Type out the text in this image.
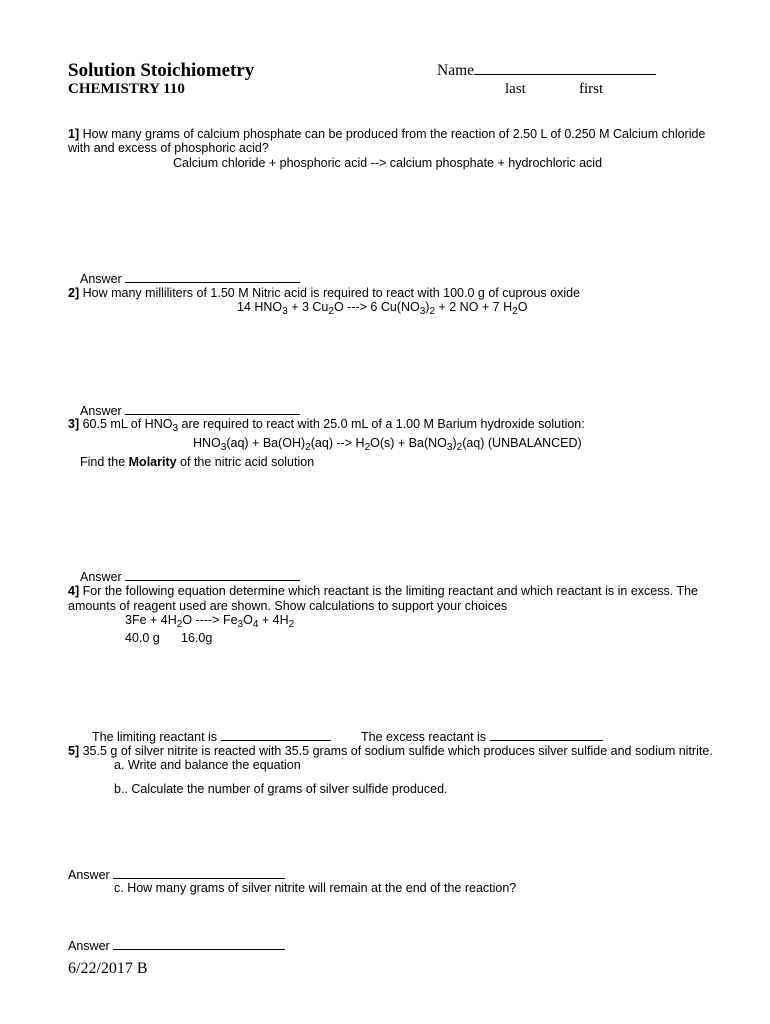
Solution Stoichiometry
CHEMISTRY 110
Name
last	first
1] How many grams of calcium phosphate can be produced from the reaction of 2.50 L of 0.250 M Calcium chloride
with and excess of phosphoric acid?
Calcium chloride + phosphoric acid --> calcium phosphate + hydrochloric acid
Answer
2] How many milliliters of 1.50 M Nitric acid is required to react with 100.0 g of cuprous oxide
14 $HNO_3 + 3$ $Cu_2O$ ---> 6 $Cu(NO_3)_2 + 2$ NO + 7 $H_2O$
Answer
3] 60.5 mL of $HNO_3$ are required to react with 25.0 mL of a 1.00 M Barium hydroxide solution:
$HNO_3(aq) + Ba(OH)_2(aq)$ --> $H_2O(s) + Ba(NO_3)_2(aq)$ (UNBALANCED)
Find the Molarity of the nitric acid solution
Answer
4] For the following equation determine which reactant is the limiting reactant and which reactant is in excess. The
amounts of reagent used are shown. Show calculations to support your choices
$3Fe + 4H_2O$ ----> $Fe_3O_4 + 4H_2$
40.0 g 16.0g
The limiting reactant is	The excess reactant is
5] 35.5 g of silver nitrite is reacted with 35.5 grams of sodium sulfide which produces silver sulfide and sodium nitrite.
a. Write and balance the equation
b.. Calculate the number of grams of silver sulfide produced.
Answer
c. How many grams of silver nitrite will remain at the end of the reaction?
Answer
6/22/2017 B
